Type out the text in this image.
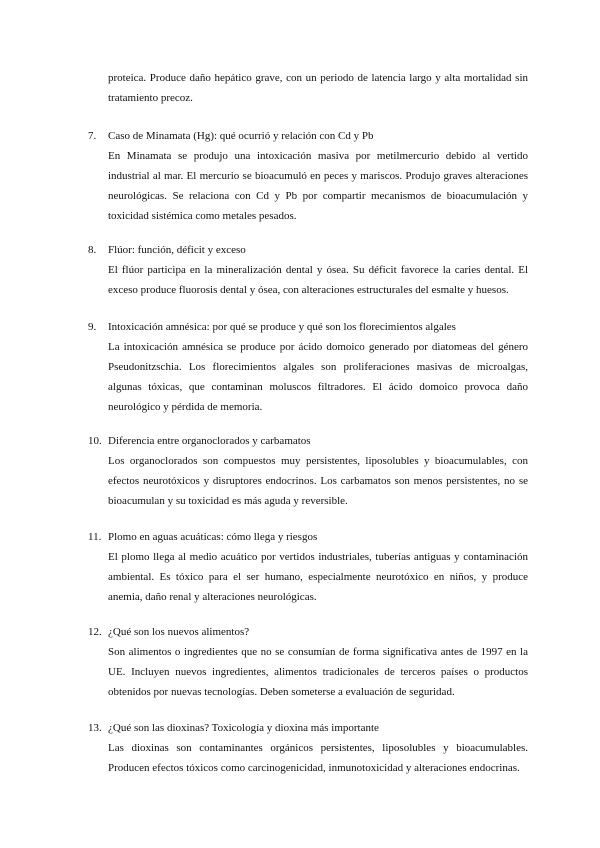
proteica. Produce daño hepático grave, con un periodo de latencia largo y alta mortalidad sin tratamiento precoz.
7.	Caso de Minamata (Hg): qué ocurrió y relación con Cd y Pb
En Minamata se produjo una intoxicación masiva por metilmercurio debido al vertido industrial al mar. El mercurio se bioacumuló en peces y mariscos. Produjo graves alteraciones neurológicas. Se relaciona con Cd y Pb por compartir mecanismos de bioacumulación y toxicidad sistémica como metales pesados.
8.	Flúor: función, déficit y exceso
El flúor participa en la mineralización dental y ósea. Su déficit favorece la caries dental. El exceso produce fluorosis dental y ósea, con alteraciones estructurales del esmalte y huesos.
9.	Intoxicación amnésica: por qué se produce y qué son los florecimientos algales
La intoxicación amnésica se produce por ácido domoico generado por diatomeas del género Pseudonitzschia. Los florecimientos algales son proliferaciones masivas de microalgas, algunas tóxicas, que contaminan moluscos filtradores. El ácido domoico provoca daño neurológico y pérdida de memoria.
10. Diferencia entre organoclorados y carbamatos
Los organoclorados son compuestos muy persistentes, liposolubles y bioacumulables, con efectos neurotóxicos y disruptores endocrinos. Los carbamatos son menos persistentes, no se bioacumulan y su toxicidad es más aguda y reversible.
11. Plomo en aguas acuáticas: cómo llega y riesgos
El plomo llega al medio acuático por vertidos industriales, tuberías antiguas y contaminación ambiental. Es tóxico para el ser humano, especialmente neurotóxico en niños, y produce anemia, daño renal y alteraciones neurológicas.
12. ¿Qué son los nuevos alimentos?
Son alimentos o ingredientes que no se consumían de forma significativa antes de 1997 en la UE. Incluyen nuevos ingredientes, alimentos tradicionales de terceros países o productos obtenidos por nuevas tecnologías. Deben someterse a evaluación de seguridad.
13. ¿Qué son las dioxinas? Toxicología y dioxina más importante
Las dioxinas son contaminantes orgánicos persistentes, liposolubles y bioacumulables. Producen efectos tóxicos como carcinogenicidad, inmunotoxicidad y alteraciones endocrinas.
